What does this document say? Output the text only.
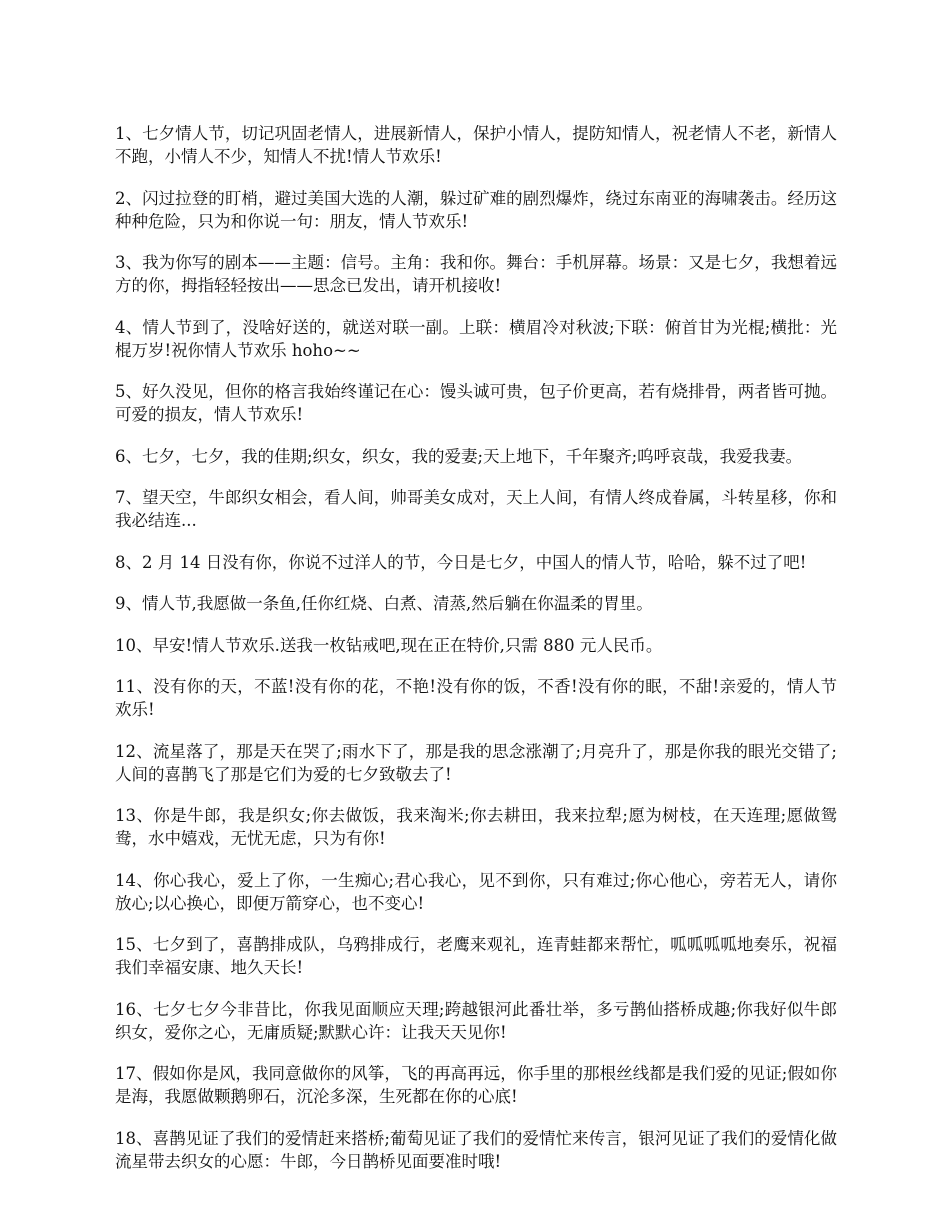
1、七夕情人节，切记巩固老情人，进展新情人，保护小情人，提防知情人，祝老情人不老，新情人不跑，小情人不少，知情人不扰!情人节欢乐!

2、闪过拉登的盯梢，避过美国大选的人潮，躲过矿难的剧烈爆炸，绕过东南亚的海啸袭击。经历这种种危险，只为和你说一句：朋友，情人节欢乐!

3、我为你写的剧本——主题：信号。主角：我和你。舞台：手机屏幕。场景：又是七夕，我想着远方的你，拇指轻轻按出——思念已发出，请开机接收!

4、情人节到了，没啥好送的，就送对联一副。上联：横眉冷对秋波;下联：俯首甘为光棍;横批：光棍万岁!祝你情人节欢乐 hoho~~

5、好久没见，但你的格言我始终谨记在心：馒头诚可贵，包子价更高，若有烧排骨，两者皆可抛。可爱的损友，情人节欢乐!

6、七夕，七夕，我的佳期;织女，织女，我的爱妻;天上地下，千年聚齐;呜呼哀哉，我爱我妻。

7、望天空，牛郎织女相会，看人间，帅哥美女成对，天上人间，有情人终成眷属，斗转星移，你和我必结连...

8、2 月 14 日没有你，你说不过洋人的节，今日是七夕，中国人的情人节，哈哈，躲不过了吧!

9、情人节,我愿做一条鱼,任你红烧、白煮、清蒸,然后躺在你温柔的胃里。

10、早安!情人节欢乐.送我一枚钻戒吧,现在正在特价,只需 880 元人民币。

11、没有你的天，不蓝!没有你的花，不艳!没有你的饭，不香!没有你的眠，不甜!亲爱的，情人节欢乐!

12、流星落了，那是天在哭了;雨水下了，那是我的思念涨潮了;月亮升了，那是你我的眼光交错了;人间的喜鹊飞了那是它们为爱的七夕致敬去了!

13、你是牛郎，我是织女;你去做饭，我来淘米;你去耕田，我来拉犁;愿为树枝，在天连理;愿做鸳鸯，水中嬉戏，无忧无虑，只为有你!

14、你心我心，爱上了你，一生痴心;君心我心，见不到你，只有难过;你心他心，旁若无人，请你放心;以心换心，即便万箭穿心，也不变心!

15、七夕到了，喜鹊排成队，乌鸦排成行，老鹰来观礼，连青蛙都来帮忙，呱呱呱呱地奏乐，祝福我们幸福安康、地久天长!

16、七夕七夕今非昔比，你我见面顺应天理;跨越银河此番壮举，多亏鹊仙搭桥成趣;你我好似牛郎织女，爱你之心，无庸质疑;默默心许：让我天天见你!

17、假如你是风，我同意做你的风筝，飞的再高再远，你手里的那根丝线都是我们爱的见证;假如你是海，我愿做颗鹅卵石，沉沦多深，生死都在你的心底!

18、喜鹊见证了我们的爱情赶来搭桥;葡萄见证了我们的爱情忙来传言，银河见证了我们的爱情化做流星带去织女的心愿：牛郎，今日鹊桥见面要准时哦!
